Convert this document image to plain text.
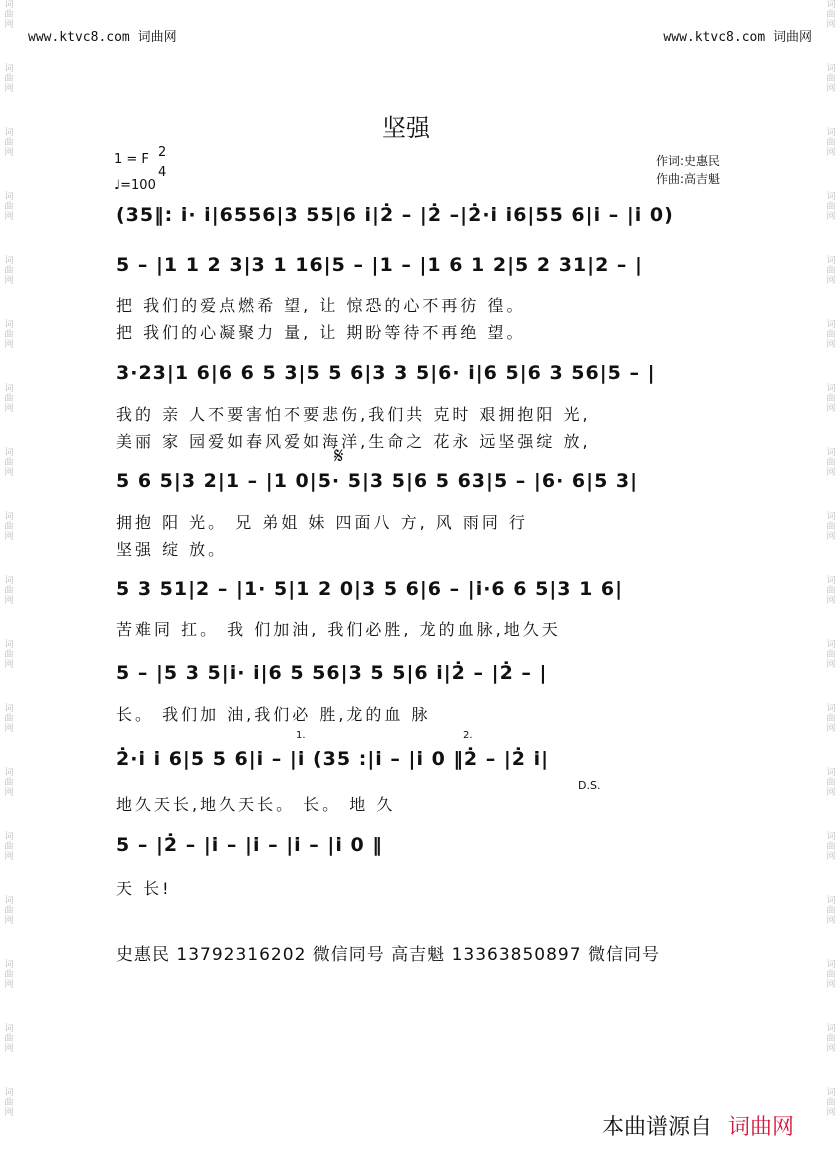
词曲网
词曲网
词曲网
词曲网
词曲网
词曲网
词曲网
词曲网
词曲网
词曲网
词曲网
词曲网
词曲网
词曲网
词曲网
词曲网
词曲网
词曲网
词曲网
词曲网
词曲网
词曲网
词曲网
词曲网
词曲网
词曲网
词曲网
词曲网
词曲网
词曲网
词曲网
词曲网
词曲网
词曲网
词曲网
词曲网
www.ktvc8.com 词曲网	www.ktvc8.com 词曲网
坚强
1 = F 2
4
♩=100
作词:史惠民
作曲:高吉魁
(35‖: i· i|6556|3 55|6 i|2̇ – |2̇ –|2̇·i i6|55 6|i – |i 0)
5 – |1 1 2 3|3 1 16|5 – |1 – |1 6 1 2|5 2 31|2 – |
把 我们的爱点燃希 望, 让 惊恐的心不再彷 徨。
把 我们的心凝聚力 量, 让 期盼等待不再绝 望。
3·23|1 6|6 6 5 3|5 5 6|3 3 5|6· i|6 5|6 3 56|5 – |
我的 亲 人不要害怕不要悲伤,我们共 克时 艰拥抱阳 光,
美丽 家 园爱如春风爱如海洋,生命之 花永 远坚强绽 放,
𝄋
5 6 5|3 2|1 – |1 0|5· 5|3 5|6 5 63|5 – |6· 6|5 3|
拥抱 阳 光。 兄 弟姐 妹 四面八 方, 风 雨同 行
坚强 绽 放。
5 3 51|2 – |1· 5|1 2 0|3 5 6|6 – |i·6 6 5|3 1 6|
苦难同 扛。 我 们加油, 我们必胜, 龙的血脉,地久天
5 – |5 3 5|i· i|6 5 56|3 5 5|6 i|2̇ – |2̇ – |
长。 我们加 油,我们必 胜,龙的血 脉
1.	2.
2̇·i i 6|5 5 6|i – |i (35 :|i – |i 0 ‖2̇ – |2̇ i|
D.S.
地久天长,地久天长。 长。 地 久
5 – |2̇ – |i – |i – |i – |i 0 ‖
天 长!
史惠民 13792316202 微信同号 高吉魁 13363850897 微信同号
本曲谱源自 词曲网
